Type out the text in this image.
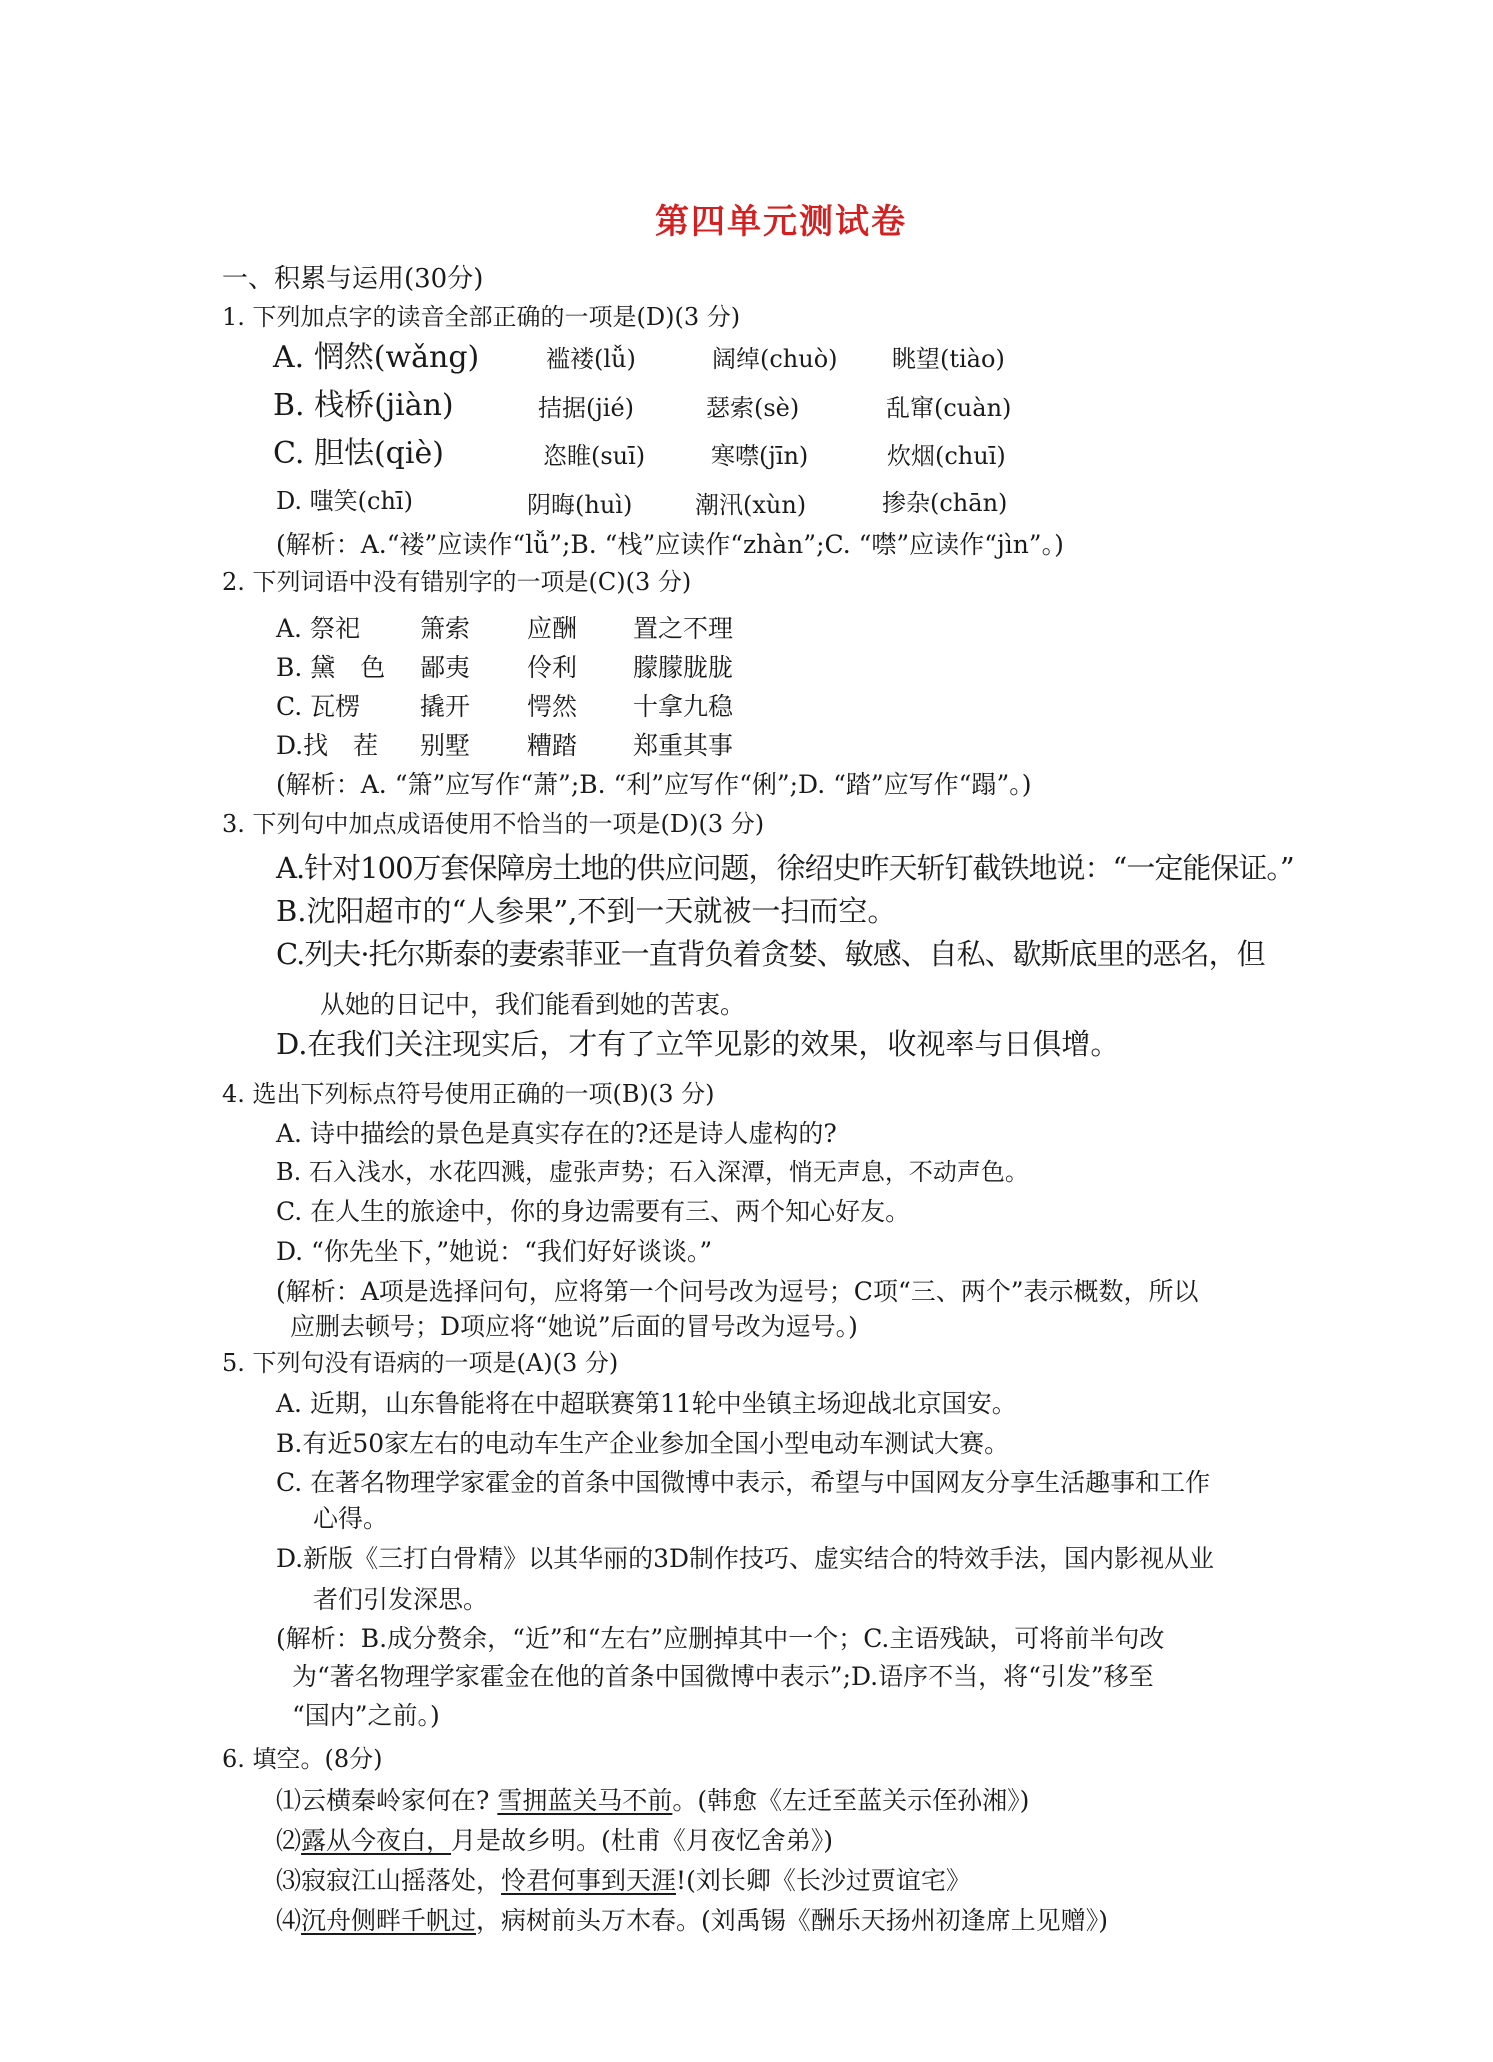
第四单元测试卷
一、积累与运用(30分)
1. 下列加点字的读音全部正确的一项是(D)(3 分)
A. 惘然(wǎng)	褴褛(lǚ)	阔绰(chuò) 眺望(tiào)
B. 栈桥(jiàn)	拮据(jié)	瑟索(sè)	乱窜(cuàn)
C. 胆怯(qiè)	恣睢(suī)	寒噤(jīn)	炊烟(chuī)
D. 嗤笑(chī)	阴晦(huì)	潮汛(xùn)	掺杂(chān)
(解析：A.“褛”应读作“lǚ”;B. “栈”应读作“zhàn”;C. “噤”应读作“jìn”。)
2. 下列词语中没有错别字的一项是(C)(3 分)
A. 祭祀 箫索 应酬 置之不理
B. 黛　色 鄙夷 伶利 朦朦胧胧
C. 瓦楞 撬开 愕然 十拿九稳
D.找　茬 别墅 糟踏 郑重其事
(解析：A. “箫”应写作“萧”;B. “利”应写作“俐”;D. “踏”应写作“蹋”。)
3. 下列句中加点成语使用不恰当的一项是(D)(3 分)
A.针对100万套保障房土地的供应问题，徐绍史昨天斩钉截铁地说：“一定能保证。”
B.沈阳超市的“人参果”,不到一天就被一扫而空。
C.列夫·托尔斯泰的妻索菲亚一直背负着贪婪、敏感、自私、歇斯底里的恶名，但
从她的日记中，我们能看到她的苦衷。
D.在我们关注现实后，才有了立竿见影的效果，收视率与日俱增。
4. 选出下列标点符号使用正确的一项(B)(3 分)
A. 诗中描绘的景色是真实存在的?还是诗人虚构的?
B. 石入浅水，水花四溅，虚张声势；石入深潭，悄无声息，不动声色。
C. 在人生的旅途中，你的身边需要有三、两个知心好友。
D. “你先坐下，”她说：“我们好好谈谈。”
(解析：A项是选择问句，应将第一个问号改为逗号；C项“三、两个”表示概数，所以
应删去顿号；D项应将“她说”后面的冒号改为逗号。)
5. 下列句没有语病的一项是(A)(3 分)
A. 近期，山东鲁能将在中超联赛第11轮中坐镇主场迎战北京国安。
B.有近50家左右的电动车生产企业参加全国小型电动车测试大赛。
C. 在著名物理学家霍金的首条中国微博中表示，希望与中国网友分享生活趣事和工作
心得。
D.新版《三打白骨精》以其华丽的3D制作技巧、虚实结合的特效手法，国内影视从业
者们引发深思。
(解析：B.成分赘余，“近”和“左右”应删掉其中一个；C.主语残缺，可将前半句改
为“著名物理学家霍金在他的首条中国微博中表示”;D.语序不当，将“引发”移至
“国内”之前。)
6. 填空。(8分)
⑴云横秦岭家何在? 雪拥蓝关马不前。(韩愈《左迁至蓝关示侄孙湘》)
⑵露从今夜白，月是故乡明。(杜甫《月夜忆舍弟》)
⑶寂寂江山摇落处，怜君何事到天涯!(刘长卿《长沙过贾谊宅》
⑷沉舟侧畔千帆过，病树前头万木春。(刘禹锡《酬乐天扬州初逢席上见赠》)
